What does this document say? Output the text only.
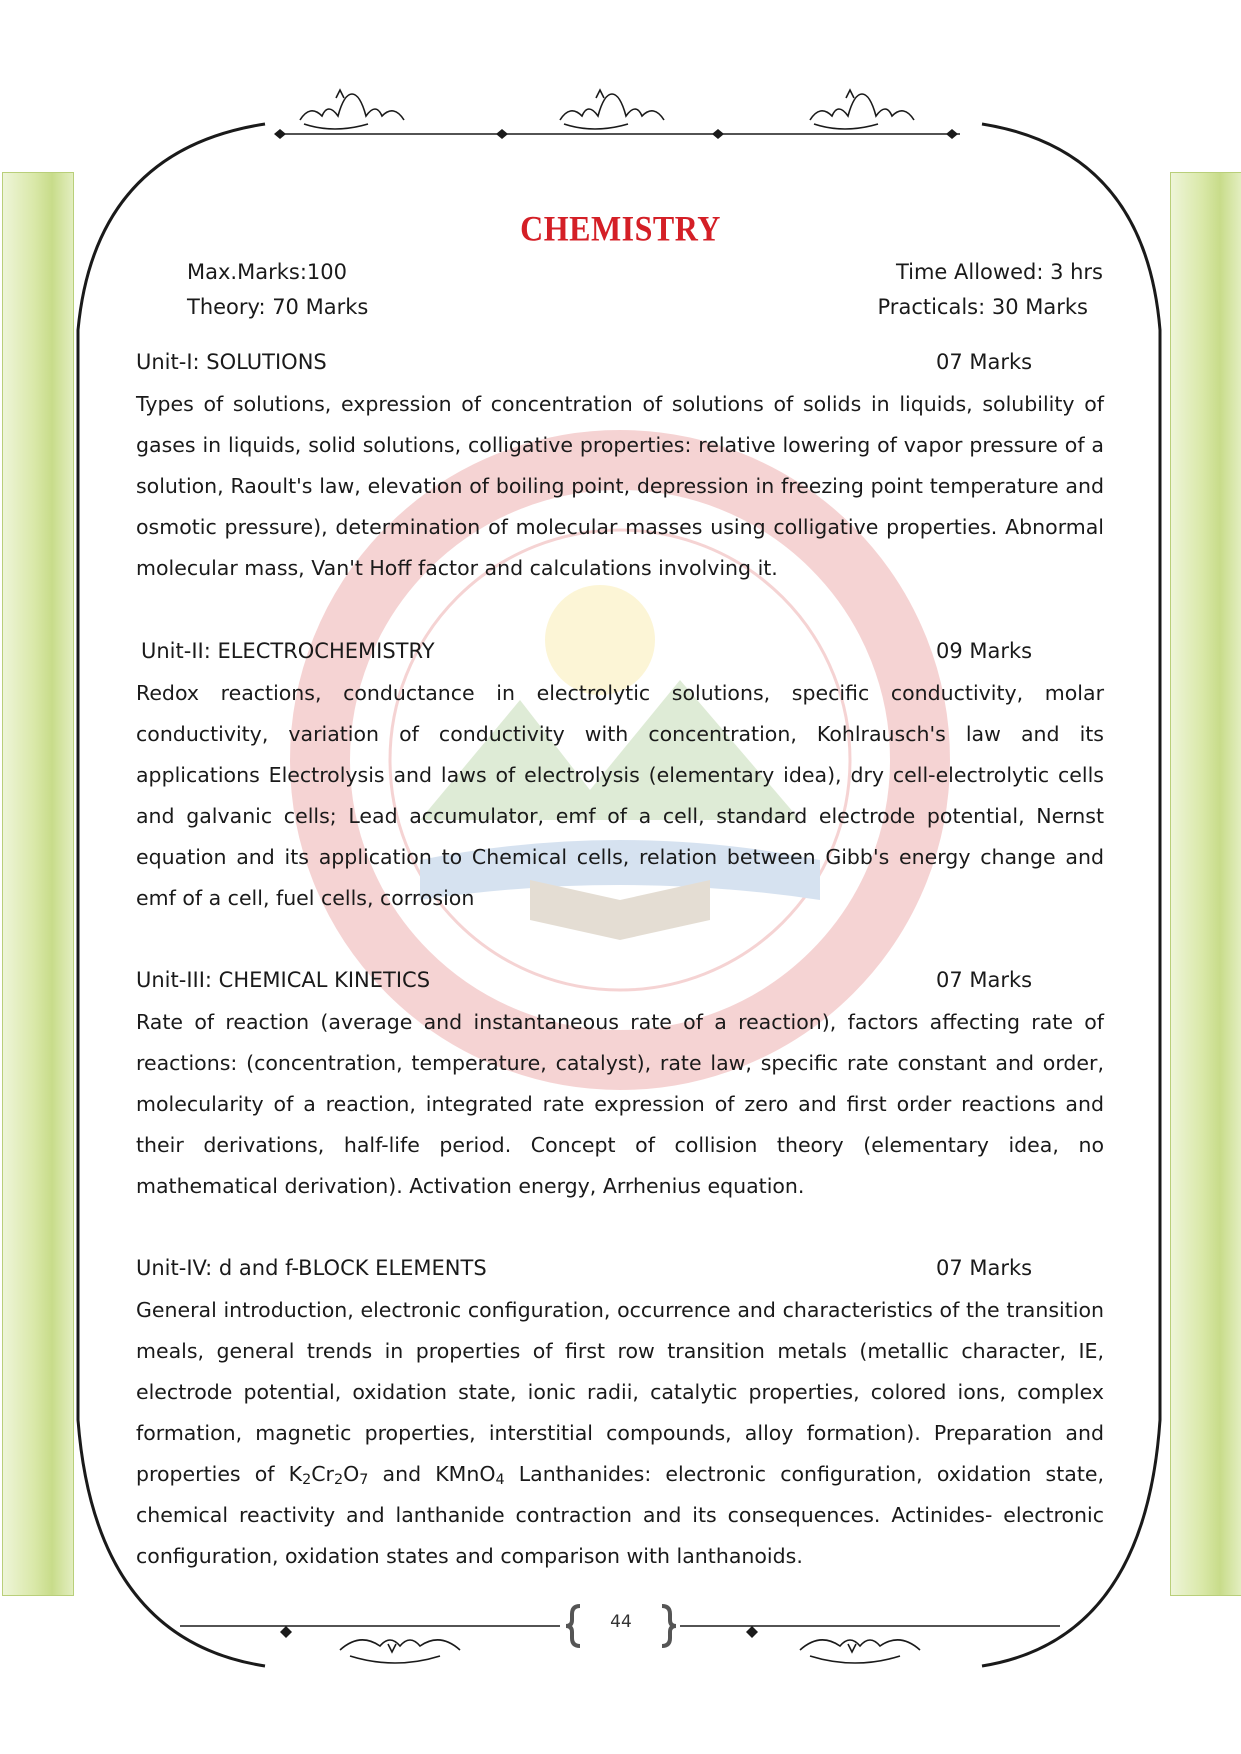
CHEMISTRY
Max.Marks:100	Time Allowed: 3 hrs
Theory: 70 Marks	Practicals: 30 Marks
Unit-I: SOLUTIONS	07 Marks

Types of solutions, expression of concentration of solutions of solids in liquids, solubility of gases in liquids, solid solutions, colligative properties: relative lowering of vapor pressure of a solution, Raoult's law, elevation of boiling point, depression in freezing point temperature and osmotic pressure), determination of molecular masses using colligative properties. Abnormal molecular mass, Van't Hoff factor and calculations involving it.

Unit-II: ELECTROCHEMISTRY	09 Marks

Redox reactions, conductance in electrolytic solutions, specific conductivity, molar conductivity, variation of conductivity with concentration, Kohlrausch's law and its applications Electrolysis and laws of electrolysis (elementary idea), dry cell-electrolytic cells and galvanic cells; Lead accumulator, emf of a cell, standard electrode potential, Nernst equation and its application to Chemical cells, relation between Gibb's energy change and emf of a cell, fuel cells, corrosion

Unit-III: CHEMICAL KINETICS	07 Marks

Rate of reaction (average and instantaneous rate of a reaction), factors affecting rate of reactions: (concentration, temperature, catalyst), rate law, specific rate constant and order, molecularity of a reaction, integrated rate expression of zero and first order reactions and their derivations, half-life period. Concept of collision theory (elementary idea, no mathematical derivation). Activation energy, Arrhenius equation.

Unit-IV: d and f-BLOCK ELEMENTS	07 Marks
General introduction, electronic configuration, occurrence and characteristics of the transition meals, general trends in properties of first row transition metals (metallic character, IE, electrode potential, oxidation state, ionic radii, catalytic properties, colored ions, complex formation, magnetic properties, interstitial compounds, alloy formation). Preparation and properties of $K_2Cr_2O_7$ and KMnO$_4$ Lanthanides: electronic configuration, oxidation state, chemical reactivity and lanthanide contraction and its consequences. Actinides- electronic configuration, oxidation states and comparison with lanthanoids.
44
